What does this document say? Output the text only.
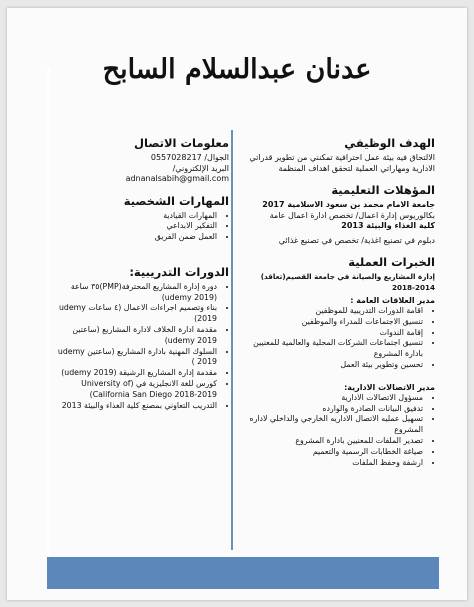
عدنان عبدالسلام السابح
الهدف الوظيفي

الالتحاق فيه بيئة عمل احترافية تمكنني من تطوير قدراتي الادارية ومهاراتي العملية لتحقق اهداف المنظمة

المؤهلات التعليمية

جامعة الامام محمد بن سعود الاسلامية 2017

بكالوريوس إدارة اعمال/ تخصص ادارة اعمال عامة

كلية الغذاء والبيئة 2013

دبلوم في تصنيع اغذية/ تخصص في تصنيع غذائي

الخبرات العملية

إدارة المشاريع والصيانة في جامعة القصيم(تعاقد) 2014-2018

مدير العلاقات العامة :
• اقامة الدورات التدريبية للموظفين
• تنسيق الاجتماعات للمدراء والموظفين
• إقامة الندوات
• تنسيق اجتماعات الشركات المحلية والعالمية للمعنيين بادارة المشروع
• تحسين وتطوير بيئة العمل
مدير الاتصالات الادارية:
• مسؤول الاتصالات الادارية
• تدفيق البيانات الصادرة والوارده
• تسهيل عمليه الاتصال الاداريه الخارجي والداخلي لاداره المشروع
• تصدير الملفات للمعنيين بادارة المشروع
• صياغة الخطابات الرسمية والتعميم
• ارشفة وحفظ الملفات
معلومات الاتصال
الجوال/ 0557028217
البريد الإلكتروني/
adnanalsabih@gmail.com
المهارات الشخصية
• المهارات القيادية
• التفكير الابداعي
• العمل ضمن الفريق
الدورات التدريبية:
• دورة إدارة المشاريع المحترفة(PMP)٣٥ ساعة (udemy 2019)
• بناء وتصميم اجراءات الاعمال (٤ ساعات udemy 2019)
• مقدمة ادارة الخلاف لادارة المشاريع (ساعتين udemy 2019)
• السلوك المهنية بادارة المشاريع (ساعتين udemy 2019 )
• مقدمة إدارة المشاريع الرشيقة (udemy 2019)
• كورس للغة الانجليزية في (University of California San Diego 2018-2019)
• التدريب التعاوني بمصنع كلية الغذاء والبيئة 2013
